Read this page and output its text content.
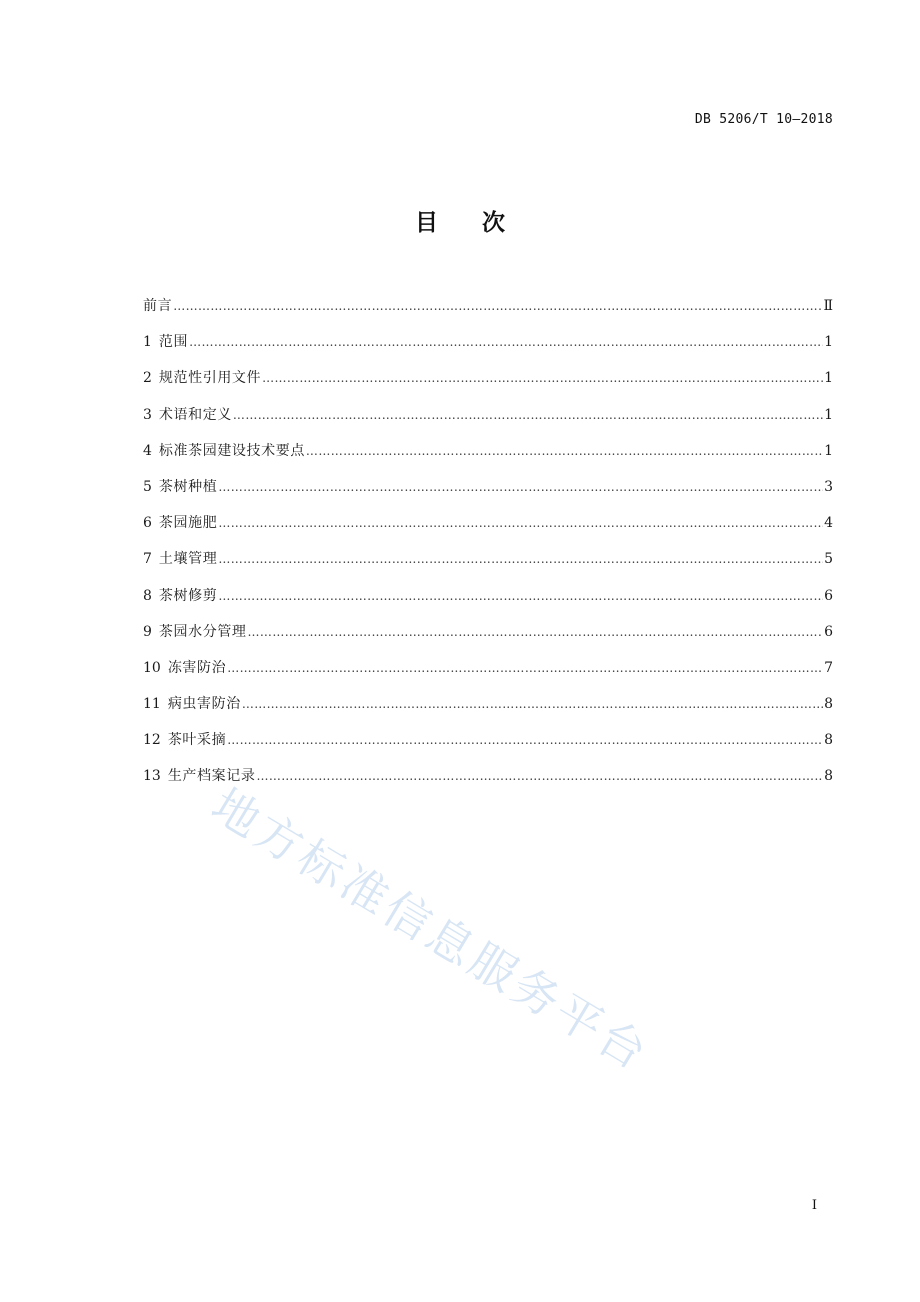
DB 5206/T 10—2018
目 次
前言 ……………………………………………………………………………………………………………………………………………………………………………………………………………………	Ⅱ
1 范围 ……………………………………………………………………………………………………………………………………………………………………………………………………………………	1
2 规范性引用文件 ……………………………………………………………………………………………………………………………………………………………………………………………………………………	1
3 术语和定义 ……………………………………………………………………………………………………………………………………………………………………………………………………………………	1
4 标准茶园建设技术要点 ……………………………………………………………………………………………………………………………………………………………………………………………………………………	1
5 茶树种植 ……………………………………………………………………………………………………………………………………………………………………………………………………………………	3
6 茶园施肥 ……………………………………………………………………………………………………………………………………………………………………………………………………………………	4
7 土壤管理 ……………………………………………………………………………………………………………………………………………………………………………………………………………………	5
8 茶树修剪 ……………………………………………………………………………………………………………………………………………………………………………………………………………………	6
9 茶园水分管理 ……………………………………………………………………………………………………………………………………………………………………………………………………………………	6
10 冻害防治 ……………………………………………………………………………………………………………………………………………………………………………………………………………………	7
11 病虫害防治 ……………………………………………………………………………………………………………………………………………………………………………………………………………………	8
12 茶叶采摘 ……………………………………………………………………………………………………………………………………………………………………………………………………………………	8
13 生产档案记录 ……………………………………………………………………………………………………………………………………………………………………………………………………………………	8
地方标准信息服务平台
I
